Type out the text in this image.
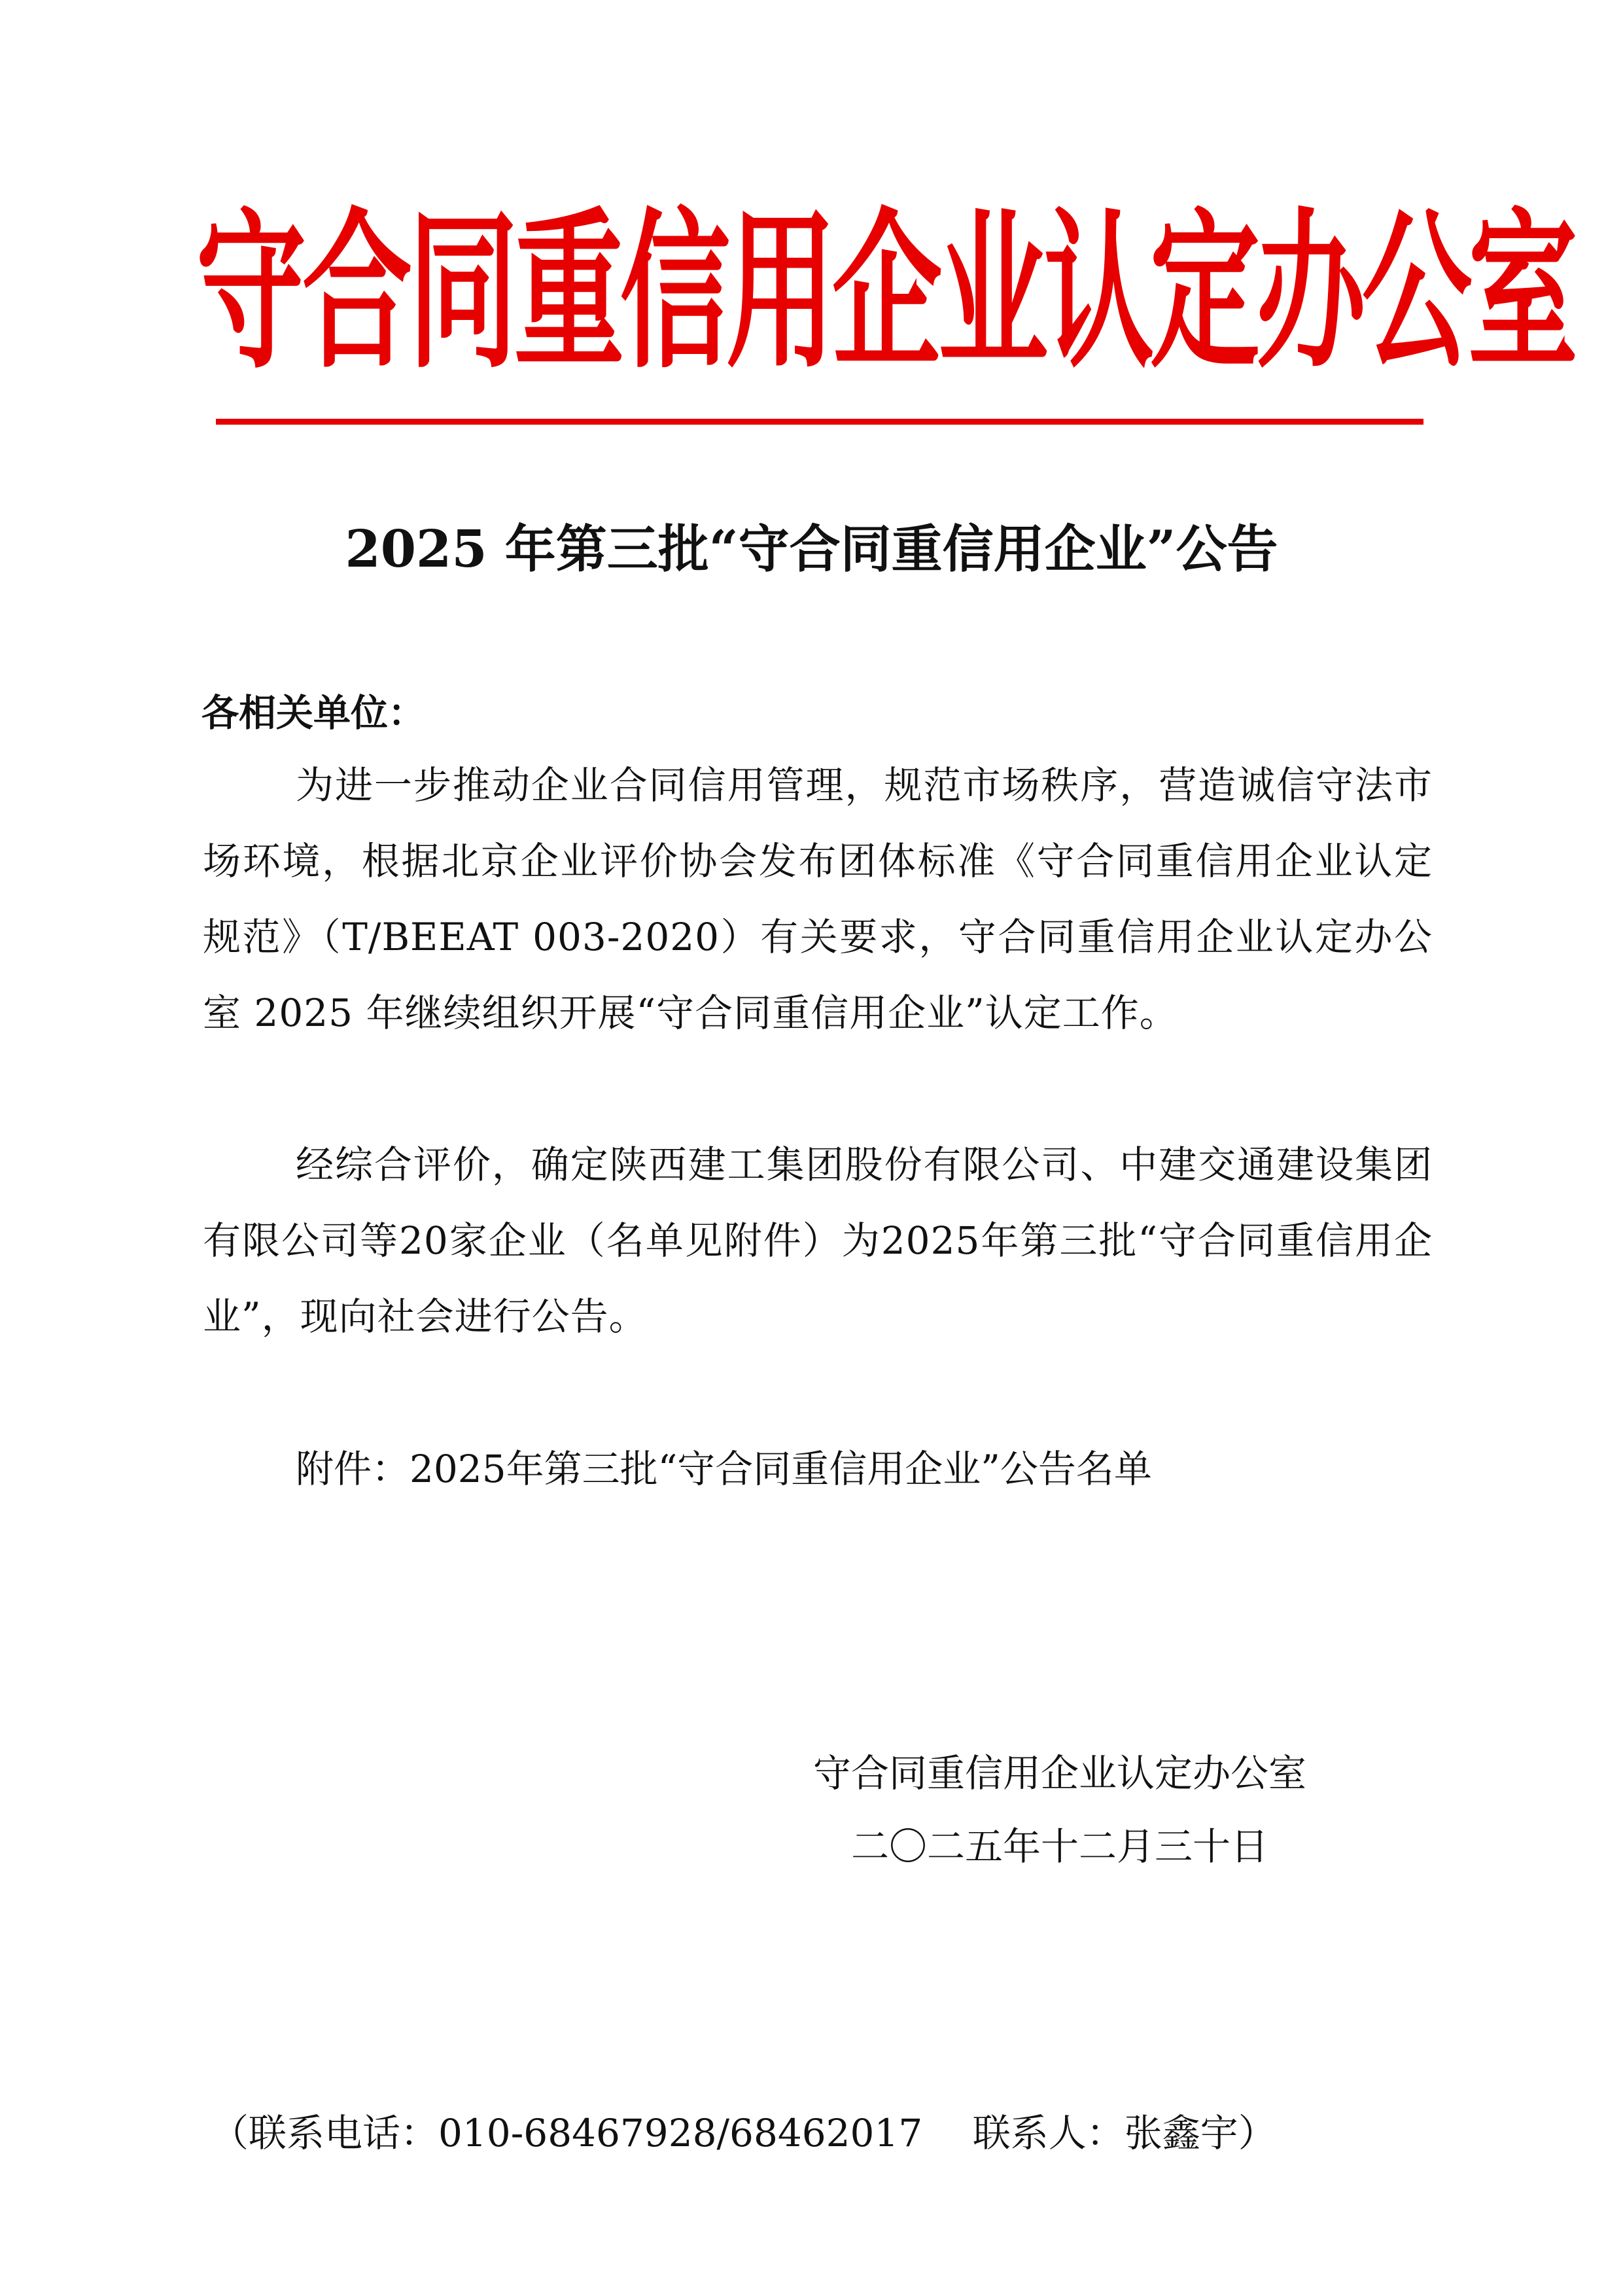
守合同重信用企业认定办公室
2025 年第三批“守合同重信用企业”公告

各相关单位：

为进一步推动企业合同信用管理，规范市场秩序，营造诚信守法市场环境，根据北京企业评价协会发布团体标准《守合同重信用企业认定规范》（T/BEEAT 003-2020）有关要求，守合同重信用企业认定办公室 2025 年继续组织开展“守合同重信用企业”认定工作。

经综合评价，确定陕西建工集团股份有限公司、中建交通建设集团有限公司等20家企业（名单见附件）为2025年第三批“守合同重信用企业”，现向社会进行公告。

附件：2025年第三批“守合同重信用企业”公告名单

守合同重信用企业认定办公室

二〇二五年十二月三十日

（联系电话：010-68467928/68462017　 联系人：张鑫宇）
